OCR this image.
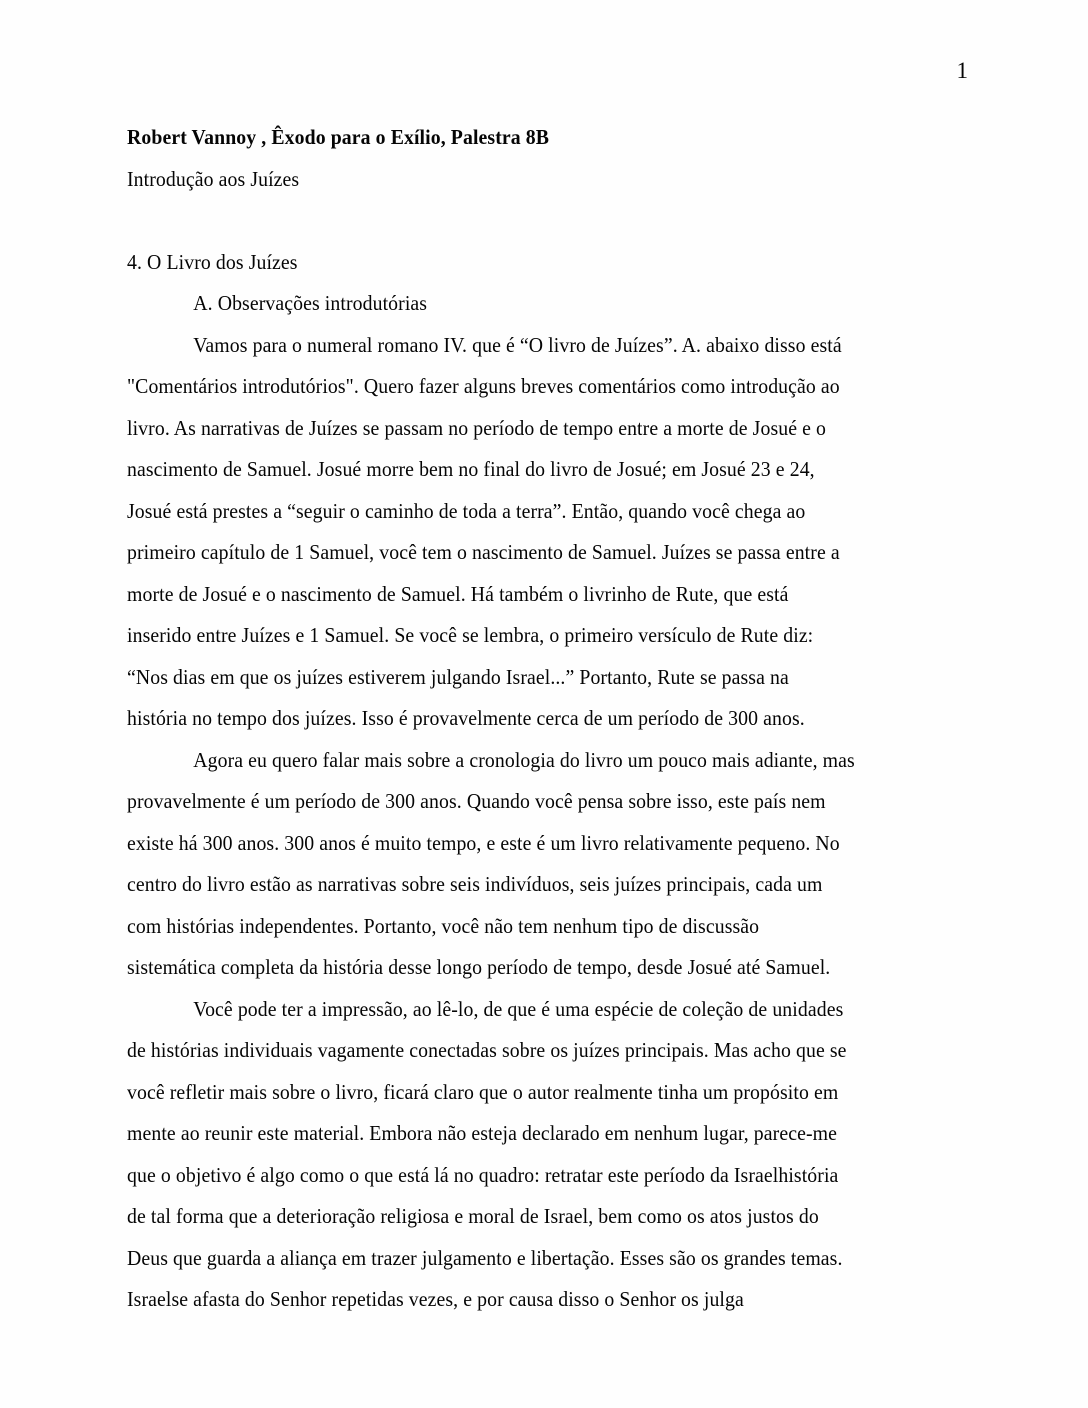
1
Robert Vannoy , Êxodo para o Exílio, Palestra 8B
Introdução aos Juízes
4. O Livro dos Juízes
A. Observações introdutórias
Vamos para o numeral romano IV. que é “O livro de Juízes”. A. abaixo disso está
"Comentários introdutórios". Quero fazer alguns breves comentários como introdução ao
livro. As narrativas de Juízes se passam no período de tempo entre a morte de Josué e o
nascimento de Samuel. Josué morre bem no final do livro de Josué; em Josué 23 e 24,
Josué está prestes a “seguir o caminho de toda a terra”. Então, quando você chega ao
primeiro capítulo de 1 Samuel, você tem o nascimento de Samuel. Juízes se passa entre a
morte de Josué e o nascimento de Samuel. Há também o livrinho de Rute, que está
inserido entre Juízes e 1 Samuel. Se você se lembra, o primeiro versículo de Rute diz:
“Nos dias em que os juízes estiverem julgando Israel...” Portanto, Rute se passa na
história no tempo dos juízes. Isso é provavelmente cerca de um período de 300 anos.
Agora eu quero falar mais sobre a cronologia do livro um pouco mais adiante, mas
provavelmente é um período de 300 anos. Quando você pensa sobre isso, este país nem
existe há 300 anos. 300 anos é muito tempo, e este é um livro relativamente pequeno. No
centro do livro estão as narrativas sobre seis indivíduos, seis juízes principais, cada um
com histórias independentes. Portanto, você não tem nenhum tipo de discussão
sistemática completa da história desse longo período de tempo, desde Josué até Samuel.
Você pode ter a impressão, ao lê-lo, de que é uma espécie de coleção de unidades
de histórias individuais vagamente conectadas sobre os juízes principais. Mas acho que se
você refletir mais sobre o livro, ficará claro que o autor realmente tinha um propósito em
mente ao reunir este material. Embora não esteja declarado em nenhum lugar, parece-me
que o objetivo é algo como o que está lá no quadro: retratar este período da Israelhistória
de tal forma que a deterioração religiosa e moral de Israel, bem como os atos justos do
Deus que guarda a aliança em trazer julgamento e libertação. Esses são os grandes temas.
Israelse afasta do Senhor repetidas vezes, e por causa disso o Senhor os julga
